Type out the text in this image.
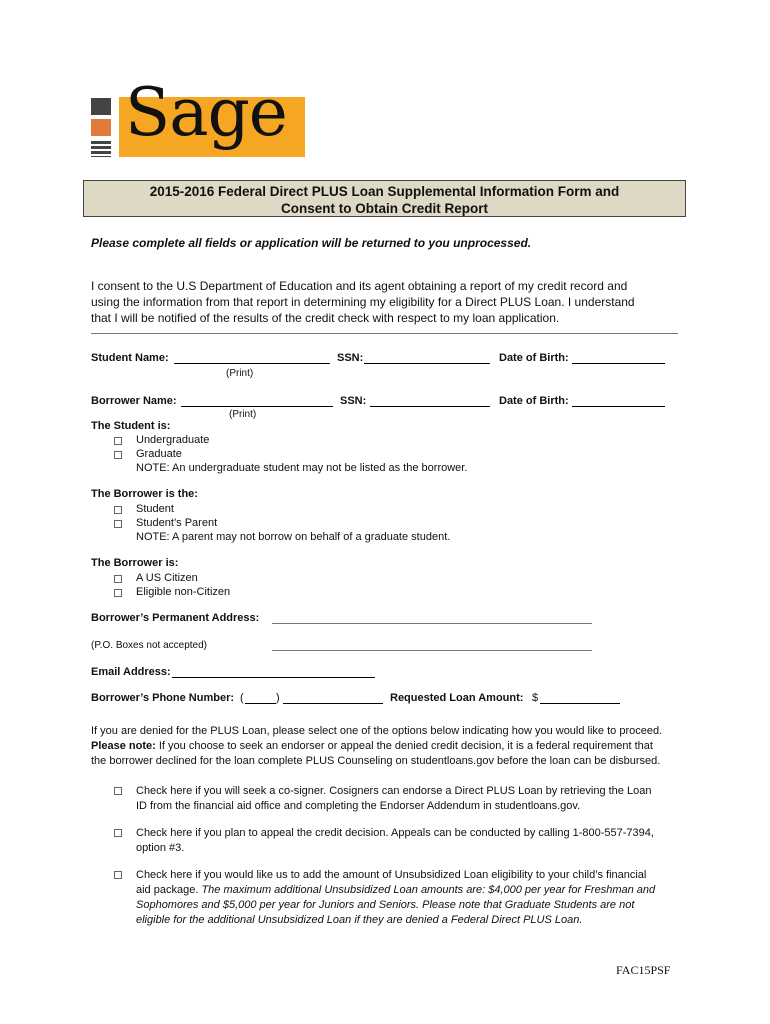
Sage
2015-2016 Federal Direct PLUS Loan Supplemental Information Form and
Consent to Obtain Credit Report
Please complete all fields or application will be returned to you unprocessed.
I consent to the U.S Department of Education and its agent obtaining a report of my credit record and
using the information from that report in determining my eligibility for a Direct PLUS Loan. I understand
that I will be notified of the results of the credit check with respect to my loan application.
Student Name:	SSN:	Date of Birth:
(Print)
Borrower Name:	SSN:	Date of Birth:
(Print)
The Student is:
Undergraduate
Graduate
NOTE: An undergraduate student may not be listed as the borrower.
The Borrower is the:
Student
Student’s Parent
NOTE: A parent may not borrow on behalf of a graduate student.
The Borrower is:
A US Citizen
Eligible non-Citizen
Borrower’s Permanent Address:
(P.O. Boxes not accepted)
Email Address:
Borrower’s Phone Number: (	)	Requested Loan Amount: $
If you are denied for the PLUS Loan, please select one of the options below indicating how you would like to proceed.
Please note: If you choose to seek an endorser or appeal the denied credit decision, it is a federal requirement that
the borrower declined for the loan complete PLUS Counseling on studentloans.gov before the loan can be disbursed.
Check here if you will seek a co-signer. Cosigners can endorse a Direct PLUS Loan by retrieving the Loan
ID from the financial aid office and completing the Endorser Addendum in studentloans.gov.
Check here if you plan to appeal the credit decision. Appeals can be conducted by calling 1-800-557-7394,
option #3.
Check here if you would like us to add the amount of Unsubsidized Loan eligibility to your child’s financial
aid package. The maximum additional Unsubsidized Loan amounts are: $4,000 per year for Freshman and
Sophomores and $5,000 per year for Juniors and Seniors. Please note that Graduate Students are not
eligible for the additional Unsubsidized Loan if they are denied a Federal Direct PLUS Loan.
FAC15PSF
